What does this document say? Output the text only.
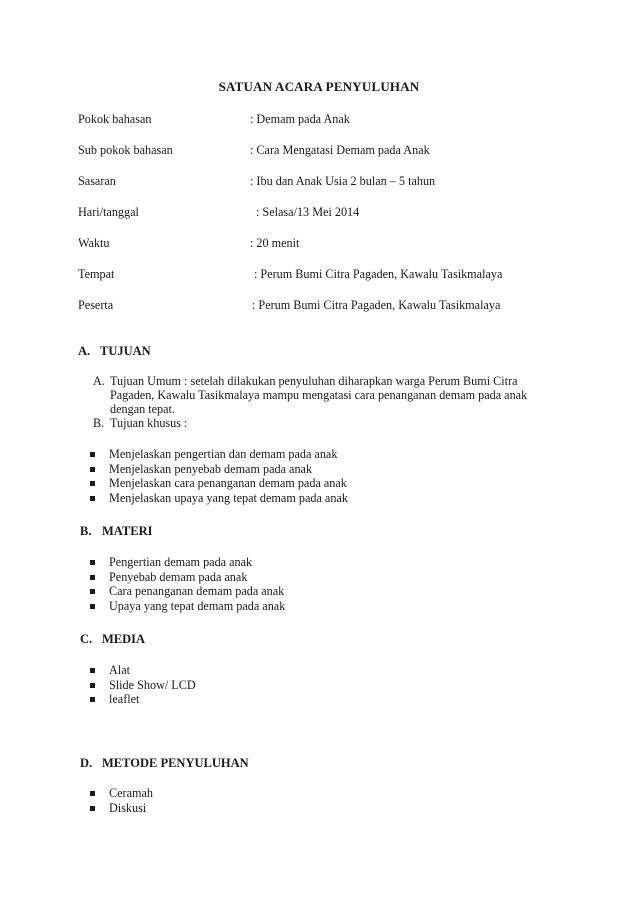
SATUAN ACARA PENYULUHAN
Pokok bahasan	: Demam pada Anak
Sub pokok bahasan	: Cara Mengatasi Demam pada Anak
Sasaran	: Ibu dan Anak Usia 2 bulan – 5 tahun
Hari/tanggal	: Selasa/13 Mei 2014
Waktu	: 20 menit
Tempat	: Perum Bumi Citra Pagaden, Kawalu Tasikmalaya
Peserta	: Perum Bumi Citra Pagaden, Kawalu Tasikmalaya
A. TUJUAN
A. Tujuan Umum : setelah dilakukan penyuluhan diharapkan warga Perum Bumi Citra Pagaden, Kawalu Tasikmalaya mampu mengatasi cara penanganan demam pada anak dengan tepat.
B. Tujuan khusus :
Menjelaskan pengertian dan demam pada anak
Menjelaskan penyebab demam pada anak
Menjelaskan cara penanganan demam pada anak
Menjelaskan upaya yang tepat demam pada anak
B. MATERI
Pengertian demam pada anak
Penyebab demam pada anak
Cara penanganan demam pada anak
Upaya yang tepat demam pada anak
C. MEDIA
Alat
Slide Show/ LCD
leaflet
D. METODE PENYULUHAN
Ceramah
Diskusi
